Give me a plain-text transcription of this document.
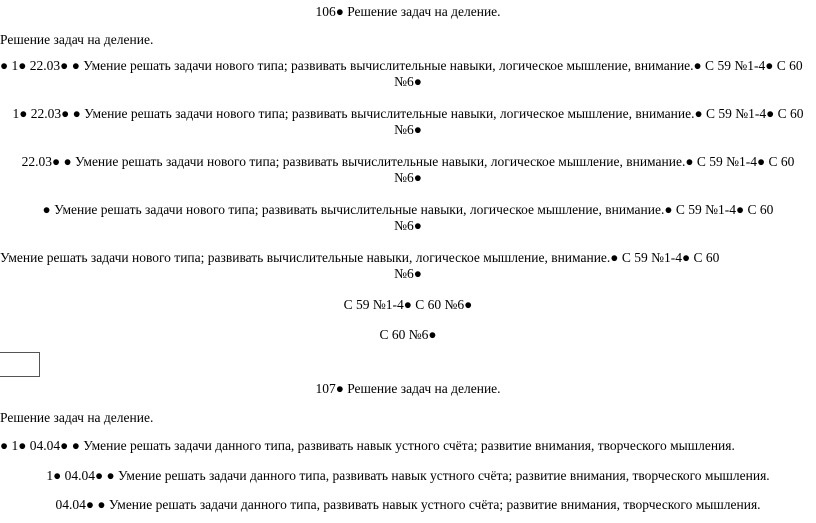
106● Решение задач на деление.
Решение задач на деление.
● 1● 22.03● ● Умение решать задачи нового типа; развивать вычислительные навыки, логическое мышление, внимание.● С 59 №1-4● С 60
№6●
1● 22.03● ● Умение решать задачи нового типа; развивать вычислительные навыки, логическое мышление, внимание.● С 59 №1-4● С 60
№6●
22.03● ● Умение решать задачи нового типа; развивать вычислительные навыки, логическое мышление, внимание.● С 59 №1-4● С 60
№6●
● Умение решать задачи нового типа; развивать вычислительные навыки, логическое мышление, внимание.● С 59 №1-4● С 60
№6●
Умение решать задачи нового типа; развивать вычислительные навыки, логическое мышление, внимание.● С 59 №1-4● С 60
№6●
С 59 №1-4● С 60 №6●
С 60 №6●
107● Решение задач на деление.
Решение задач на деление.
● 1● 04.04● ● Умение решать задачи данного типа, развивать навык устного счёта; развитие внимания, творческого мышления.
1● 04.04● ● Умение решать задачи данного типа, развивать навык устного счёта; развитие внимания, творческого мышления.
04.04● ● Умение решать задачи данного типа, развивать навык устного счёта; развитие внимания, творческого мышления.
